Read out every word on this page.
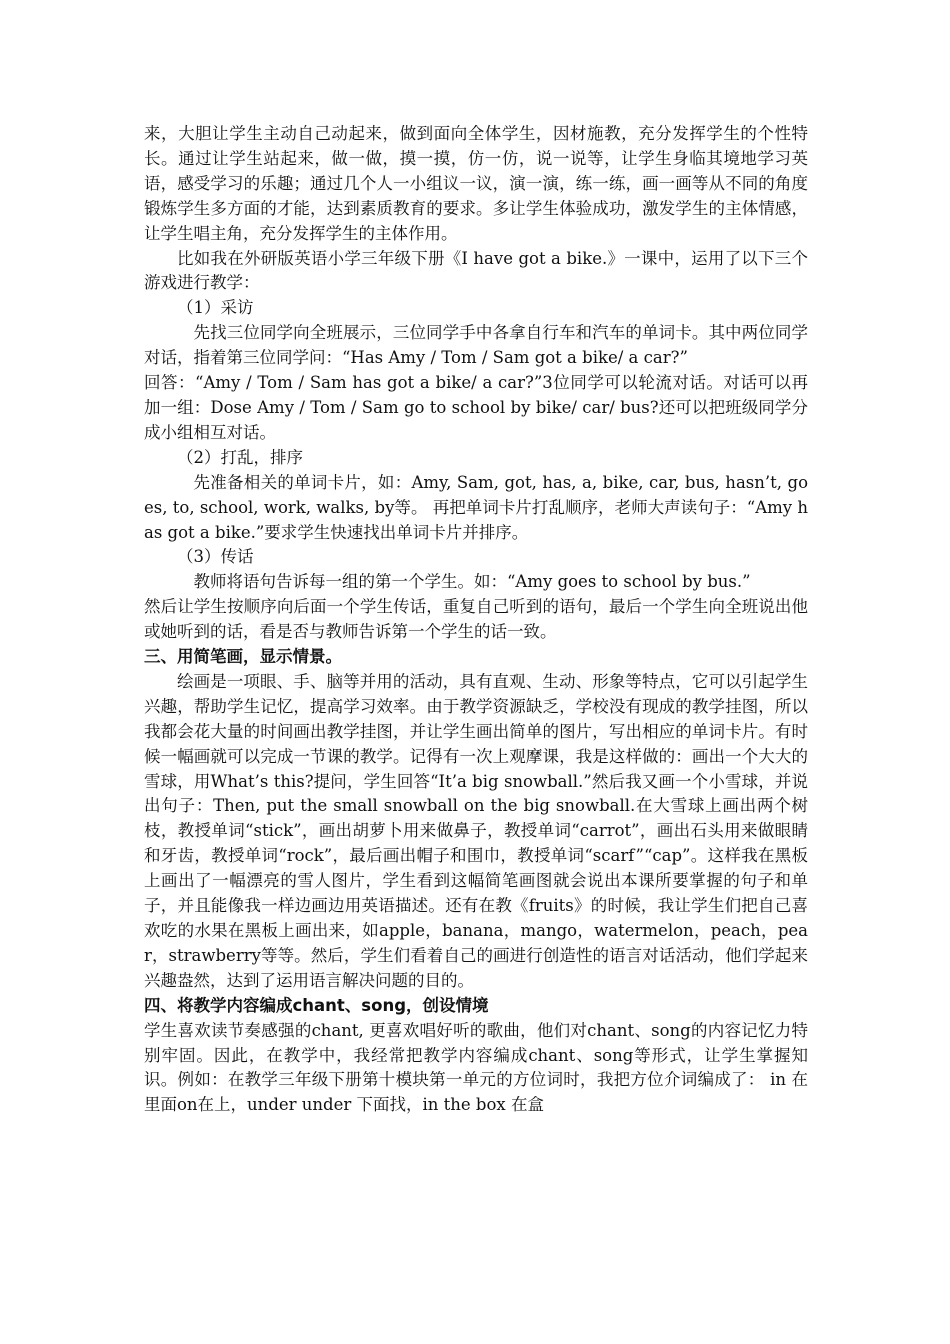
来，大胆让学生主动自己动起来，做到面向全体学生，因材施教，充分发挥学生的个性特长。通过让学生站起来，做一做，摸一摸，仿一仿，说一说等，让学生身临其境地学习英语，感受学习的乐趣；通过几个人一小组议一议，演一演，练一练，画一画等从不同的角度锻炼学生多方面的才能，达到素质教育的要求。多让学生体验成功，激发学生的主体情感，让学生唱主角，充分发挥学生的主体作用。

比如我在外研版英语小学三年级下册《I have got a bike.》一课中，运用了以下三个游戏进行教学：

（1）采访

先找三位同学向全班展示，三位同学手中各拿自行车和汽车的单词卡。其中两位同学对话，指着第三位同学问：“Has Amy / Tom / Sam got a bike/ a car?”

回答：“Amy / Tom / Sam has got a bike/ a car?”3位同学可以轮流对话。对话可以再加一组：Dose Amy / Tom / Sam go to school by bike/ car/ bus?还可以把班级同学分成小组相互对话。

（2）打乱，排序

先准备相关的单词卡片，如：Amy, Sam, got, has, a, bike, car, bus, hasn’t, goes, to, school, work, walks, by等。 再把单词卡片打乱顺序，老师大声读句子：“Amy has got a bike.”要求学生快速找出单词卡片并排序。

（3）传话

教师将语句告诉每一组的第一个学生。如：“Amy goes to school by bus.”

然后让学生按顺序向后面一个学生传话，重复自己听到的语句，最后一个学生向全班说出他或她听到的话，看是否与教师告诉第一个学生的话一致。

三、用简笔画，显示情景。

绘画是一项眼、手、脑等并用的活动，具有直观、生动、形象等特点，它可以引起学生兴趣，帮助学生记忆，提高学习效率。由于教学资源缺乏，学校没有现成的教学挂图，所以我都会花大量的时间画出教学挂图，并让学生画出简单的图片，写出相应的单词卡片。有时候一幅画就可以完成一节课的教学。记得有一次上观摩课，我是这样做的：画出一个大大的雪球，用What’s this?提问，学生回答“It’a big snowball.”然后我又画一个小雪球，并说出句子：Then, put the small snowball on the big snowball.在大雪球上画出两个树枝，教授单词“stick”，画出胡萝卜用来做鼻子，教授单词“carrot”，画出石头用来做眼睛和牙齿，教授单词“rock”，最后画出帽子和围巾，教授单词“scarf”“cap”。这样我在黑板上画出了一幅漂亮的雪人图片，学生看到这幅简笔画图就会说出本课所要掌握的句子和单子，并且能像我一样边画边用英语描述。还有在教《fruits》的时候，我让学生们把自己喜欢吃的水果在黑板上画出来，如apple，banana，mango，watermelon，peach，pear，strawberry等等。然后，学生们看着自己的画进行创造性的语言对话活动，他们学起来兴趣盎然，达到了运用语言解决问题的目的。

四、将教学内容编成chant、song，创设情境

学生喜欢读节奏感强的chant, 更喜欢唱好听的歌曲，他们对chant、song的内容记忆力特别牢固。因此，在教学中，我经常把教学内容编成chant、song等形式，让学生掌握知识。例如：在教学三年级下册第十模块第一单元的方位词时，我把方位介词编成了： in 在里面on在上，under under 下面找，in the box 在盒
